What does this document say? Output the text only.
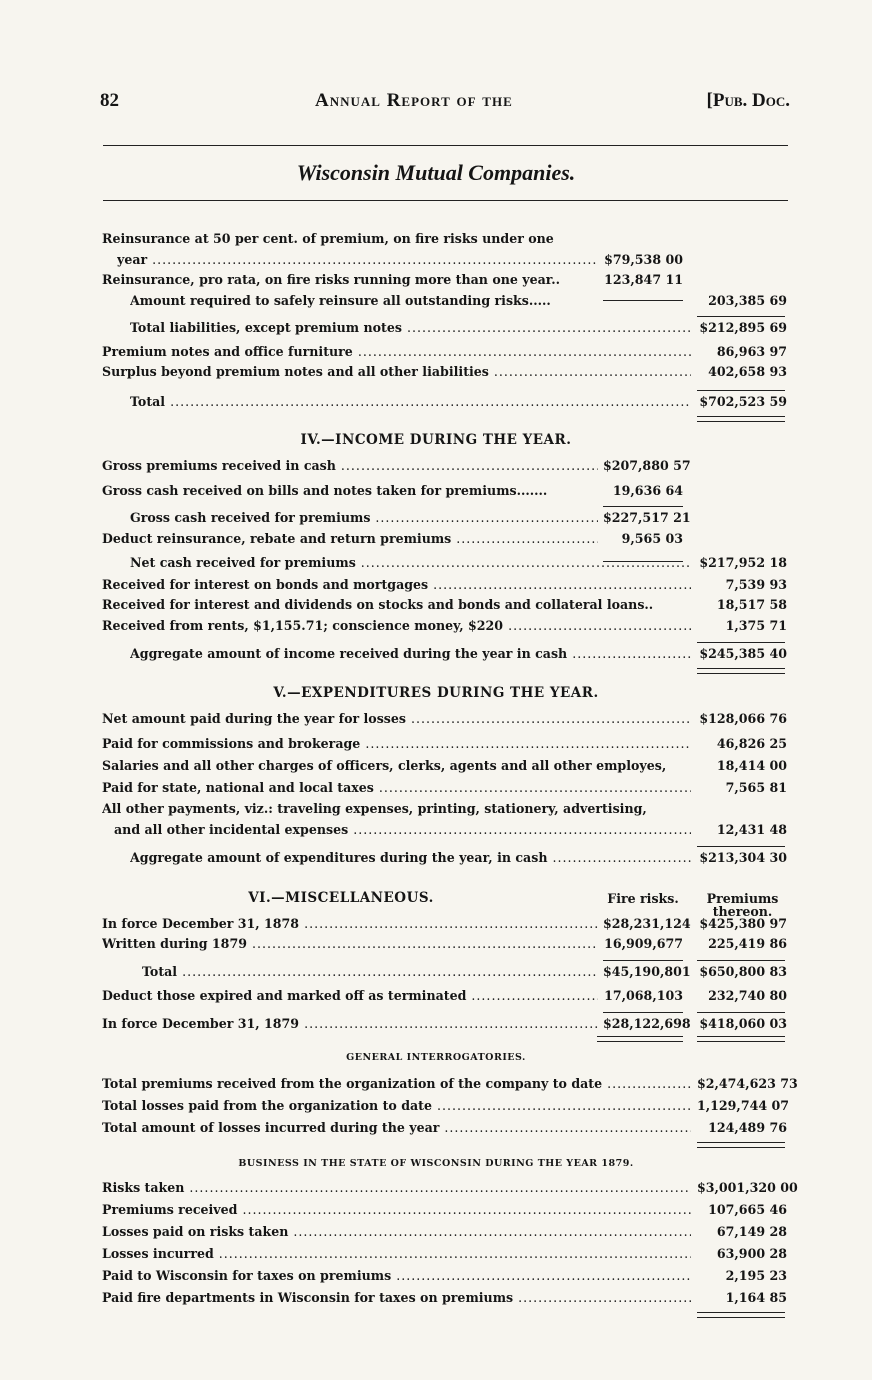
82	Annual Report of the	[Pub. Doc.
Wisconsin Mutual Companies.
IV.—INCOME DURING THE YEAR.
V.—EXPENDITURES DURING THE YEAR.
VI.—MISCELLANEOUS.
GENERAL INTERROGATORIES.
BUSINESS IN THE STATE OF WISCONSIN DURING THE YEAR 1879.
Fire risks.	Premiums thereon.
Reinsurance at 50 per cent. of premium, on fire risks under one
year .....	$79,538 00
Reinsurance, pro rata, on fire risks running more than one year..	123,847 11
Amount required to safely reinsure all outstanding risks.....	203,385 69
Total liabilities, except premium notes .....	$212,895 69
Premium notes and office furniture .....	86,963 97
Surplus beyond premium notes and all other liabilities .....	402,658 93
Total .....	$702,523 59
Gross premiums received in cash .....	$207,880 57
Gross cash received on bills and notes taken for premiums.......	19,636 64
Gross cash received for premiums .....	$227,517 21
Deduct reinsurance, rebate and return premiums .....	9,565 03
Net cash received for premiums .....	$217,952 18
Received for interest on bonds and mortgages .....	7,539 93
Received for interest and dividends on stocks and bonds and collateral loans..	18,517 58
Received from rents, $1,155.71; conscience money, $220 .....	1,375 71
Aggregate amount of income received during the year in cash .....	$245,385 40
Net amount paid during the year for losses .....	$128,066 76
Paid for commissions and brokerage .....	46,826 25
Salaries and all other charges of officers, clerks, agents and all other employes,	18,414 00
Paid for state, national and local taxes .....	7,565 81
All other payments, viz.: traveling expenses, printing, stationery, advertising,
and all other incidental expenses .....	12,431 48
Aggregate amount of expenditures during the year, in cash .....	$213,304 30
In force December 31, 1878 .....	$28,231,124 $425,380 97
Written during 1879 .....	16,909,677	225,419 86
Total .....	$45,190,801 $650,800 83
Deduct those expired and marked off as terminated .....	17,068,103	232,740 80
In force December 31, 1879 .....	$28,122,698 $418,060 03
Total premiums received from the organization of the company to date .....	$2,474,623 73
Total losses paid from the organization to date .....	1,129,744 07
Total amount of losses incurred during the year .....	124,489 76
Risks taken .....	$3,001,320 00
Premiums received .....	107,665 46
Losses paid on risks taken .....	67,149 28
Losses incurred .....	63,900 28
Paid to Wisconsin for taxes on premiums .....	2,195 23
Paid fire departments in Wisconsin for taxes on premiums .....	1,164 85
